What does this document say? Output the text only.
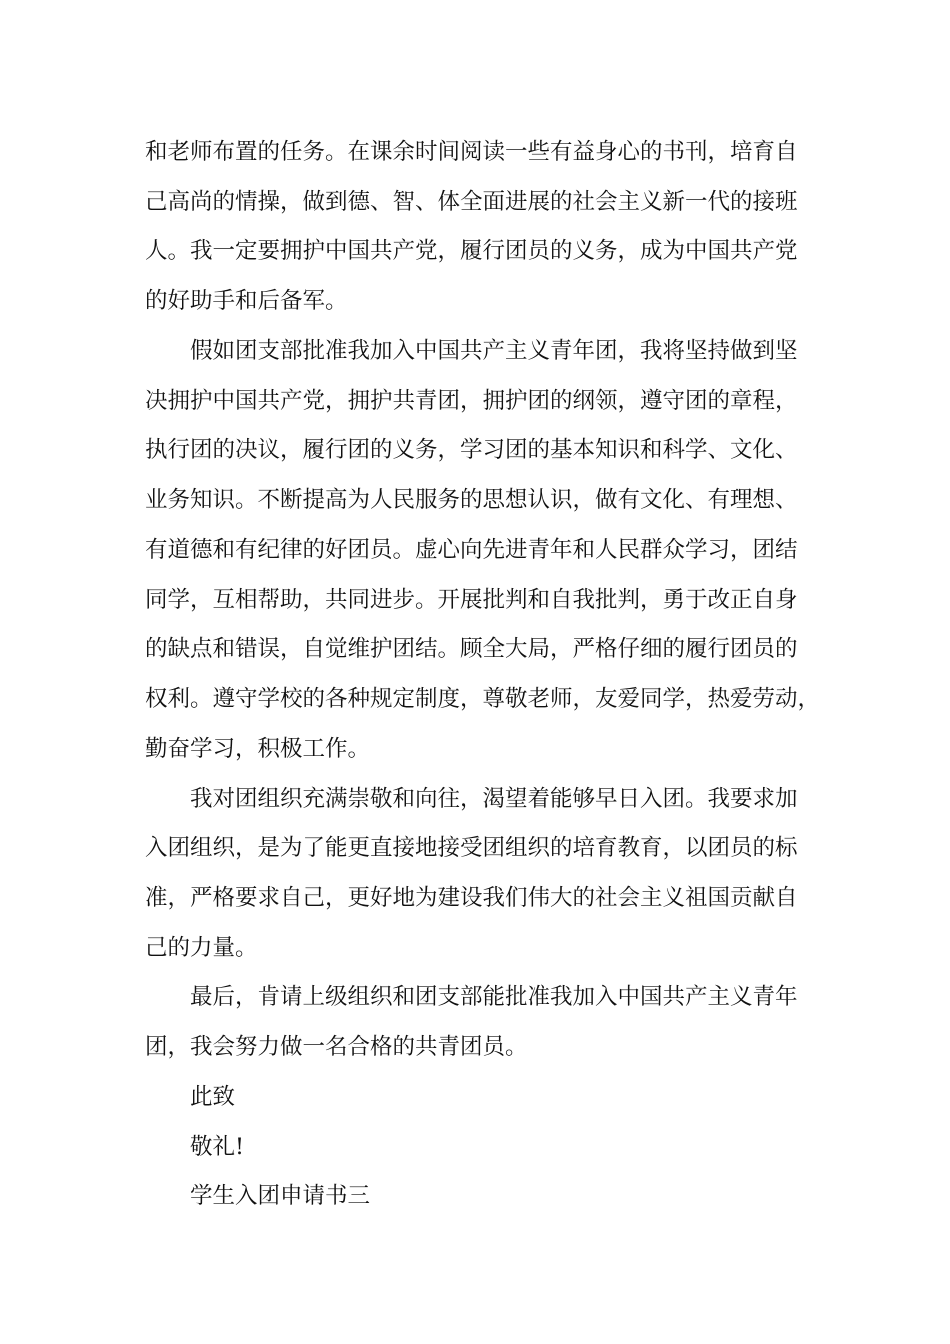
和老师布置的任务。在课余时间阅读一些有益身心的书刊，培育自

己高尚的情操，做到德、智、体全面进展的社会主义新一代的接班

人。我一定要拥护中国共产党，履行团员的义务，成为中国共产党

的好助手和后备军。

假如团支部批准我加入中国共产主义青年团，我将坚持做到坚

决拥护中国共产党，拥护共青团，拥护团的纲领，遵守团的章程，

执行团的决议，履行团的义务，学习团的基本知识和科学、文化、

业务知识。不断提高为人民服务的思想认识，做有文化、有理想、

有道德和有纪律的好团员。虚心向先进青年和人民群众学习，团结

同学，互相帮助，共同进步。开展批判和自我批判，勇于改正自身

的缺点和错误，自觉维护团结。顾全大局，严格仔细的履行团员的

权利。遵守学校的各种规定制度，尊敬老师，友爱同学，热爱劳动，

勤奋学习，积极工作。

我对团组织充满崇敬和向往，渴望着能够早日入团。我要求加

入团组织，是为了能更直接地接受团组织的培育教育，以团员的标

准，严格要求自己，更好地为建设我们伟大的社会主义祖国贡献自

己的力量。

最后，肯请上级组织和团支部能批准我加入中国共产主义青年

团，我会努力做一名合格的共青团员。

此致

敬礼!

学生入团申请书三
